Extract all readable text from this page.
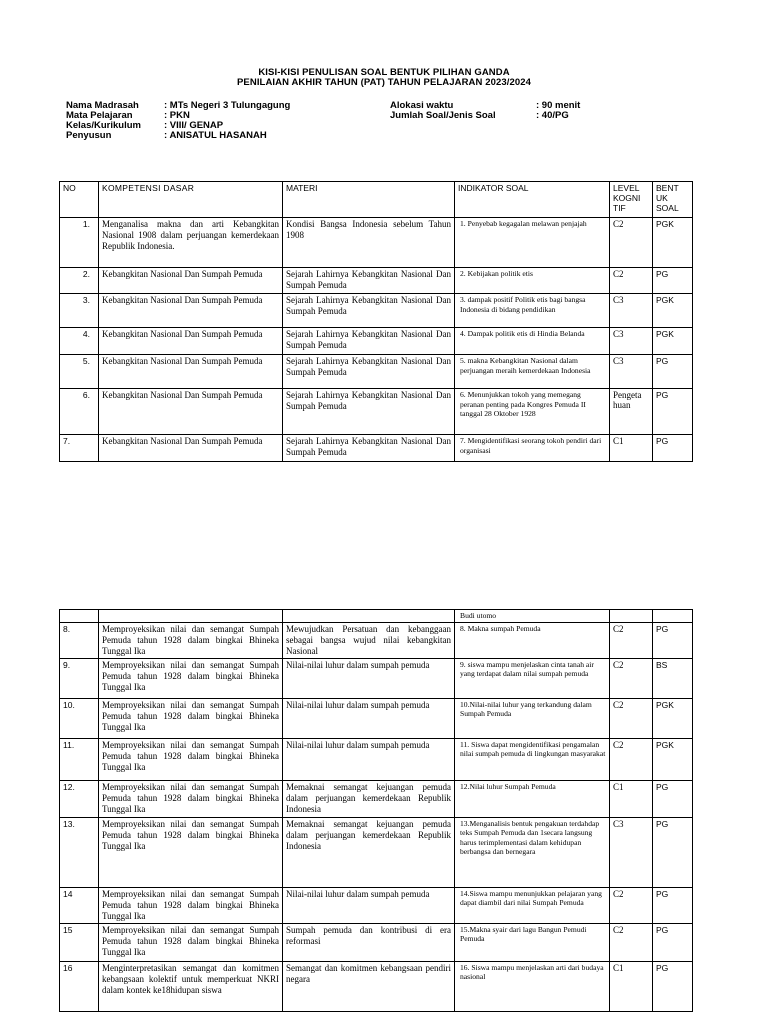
KISI-KISI PENULISAN SOAL BENTUK PILIHAN GANDA
PENILAIAN AKHIR TAHUN (PAT) TAHUN PELAJARAN 2023/2024
Nama Madrasah	: MTs Negeri 3 Tulungagung
Mata Pelajaran	: PKN
Kelas/Kurikulum : VIII/ GENAP
Penyusun	: ANISATUL HASANAH
Alokasi waktu	: 90 menit
Jumlah Soal/Jenis Soal	: 40/PG
NO	KOMPETENSI DASAR	MATERI	INDIKATOR SOAL	LEVEL KOGNI TIF	BENT UK SOAL
1.	Menganalisa makna dan arti Kebangkitan Nasional 1908 dalam perjuangan kemerdekaan Republik Indonesia.	Kondisi Bangsa Indonesia sebelum Tahun 1908	1. Penyebab kegagalan melawan penjajah	C2	PGK
2.	Kebangkitan Nasional Dan Sumpah Pemuda	Sejarah Lahirnya Kebangkitan Nasional Dan Sumpah Pemuda	2. Kebijakan politik etis	C2	PG
3.	Kebangkitan Nasional Dan Sumpah Pemuda	Sejarah Lahirnya Kebangkitan Nasional Dan Sumpah Pemuda	3. dampak positif Politik etis bagi bangsa Indonesia di bidang pendidikan	C3	PGK
4.	Kebangkitan Nasional Dan Sumpah Pemuda	Sejarah Lahirnya Kebangkitan Nasional Dan Sumpah Pemuda	4. Dampak politik etis di Hindia Belanda	C3	PGK
5.	Kebangkitan Nasional Dan Sumpah Pemuda	Sejarah Lahirnya Kebangkitan Nasional Dan Sumpah Pemuda	5. makna Kebangkitan Nasional dalam perjuangan meraih kemerdekaan Indonesia	C3	PG
6.	Kebangkitan Nasional Dan Sumpah Pemuda	Sejarah Lahirnya Kebangkitan Nasional Dan Sumpah Pemuda	6. Menunjukkan tokoh yang memegang peranan penting pada Kongres Pemuda II tanggal 28 Oktober 1928	Pengeta huan	PG
7.	Kebangkitan Nasional Dan Sumpah Pemuda	Sejarah Lahirnya Kebangkitan Nasional Dan Sumpah Pemuda	7. Mengidentifikasi seorang tokoh pendiri dari organisasi	C1	PG
			Budi utomo		
8.	Memproyeksikan nilai dan semangat Sumpah Pemuda tahun 1928 dalam bingkai Bhineka Tunggal Ika	Mewujudkan Persatuan dan kebanggaan sebagai bangsa wujud nilai kebangkitan Nasional	8. Makna sumpah Pemuda	C2	PG
9.	Memproyeksikan nilai dan semangat Sumpah Pemuda tahun 1928 dalam bingkai Bhineka Tunggal Ika	Nilai-nilai luhur dalam sumpah pemuda	9. siswa mampu menjelaskan cinta tanah air yang terdapat dalam nilai sumpah pemuda	C2	BS
10.	Memproyeksikan nilai dan semangat Sumpah Pemuda tahun 1928 dalam bingkai Bhineka Tunggal Ika	Nilai-nilai luhur dalam sumpah pemuda	10.Nilai-nilai luhur yang terkandung dalam Sumpah Pemuda	C2	PGK
11.	Memproyeksikan nilai dan semangat Sumpah Pemuda tahun 1928 dalam bingkai Bhineka Tunggal Ika	Nilai-nilai luhur dalam sumpah pemuda	11. Siswa dapat mengidentifikasi pengamalan nilai sumpah pemuda di lingkungan masyarakat	C2	PGK
12.	Memproyeksikan nilai dan semangat Sumpah Pemuda tahun 1928 dalam bingkai Bhineka Tunggal Ika	Memaknai semangat kejuangan pemuda dalam perjuangan kemerdekaan Republik Indonesia	12.Nilai luhur Sumpah Pemuda	C1	PG
13.	Memproyeksikan nilai dan semangat Sumpah Pemuda tahun 1928 dalam bingkai Bhineka Tunggal Ika	Memaknai semangat kejuangan pemuda dalam perjuangan kemerdekaan Republik Indonesia	13.Menganalisis bentuk pengakuan terdahdap teks Sumpah Pemuda dan 1secara langsung harus terimplementasi dalam kehidupan berbangsa dan bernegara	C3	PG
14	Memproyeksikan nilai dan semangat Sumpah Pemuda tahun 1928 dalam bingkai Bhineka Tunggal Ika	Nilai-nilai luhur dalam sumpah pemuda	14.Siswa mampu menunjukkan pelajaran yang dapat diambil dari nilai Sumpah Pemuda	C2	PG
15	Memproyeksikan nilai dan semangat Sumpah Pemuda tahun 1928 dalam bingkai Bhineka Tunggal Ika	Sumpah pemuda dan kontribusi di era reformasi	15.Makna syair dari lagu Bangun Pemudi Pemuda	C2	PG
16	Menginterpretasikan semangat dan komitmen kebangsaan kolektif untuk memperkuat NKRI dalam kontek ke18hidupan siswa	Semangat dan komitmen kebangsaan pendiri negara	16. Siswa mampu menjelaskan arti dari budaya nasional	C1	PG
